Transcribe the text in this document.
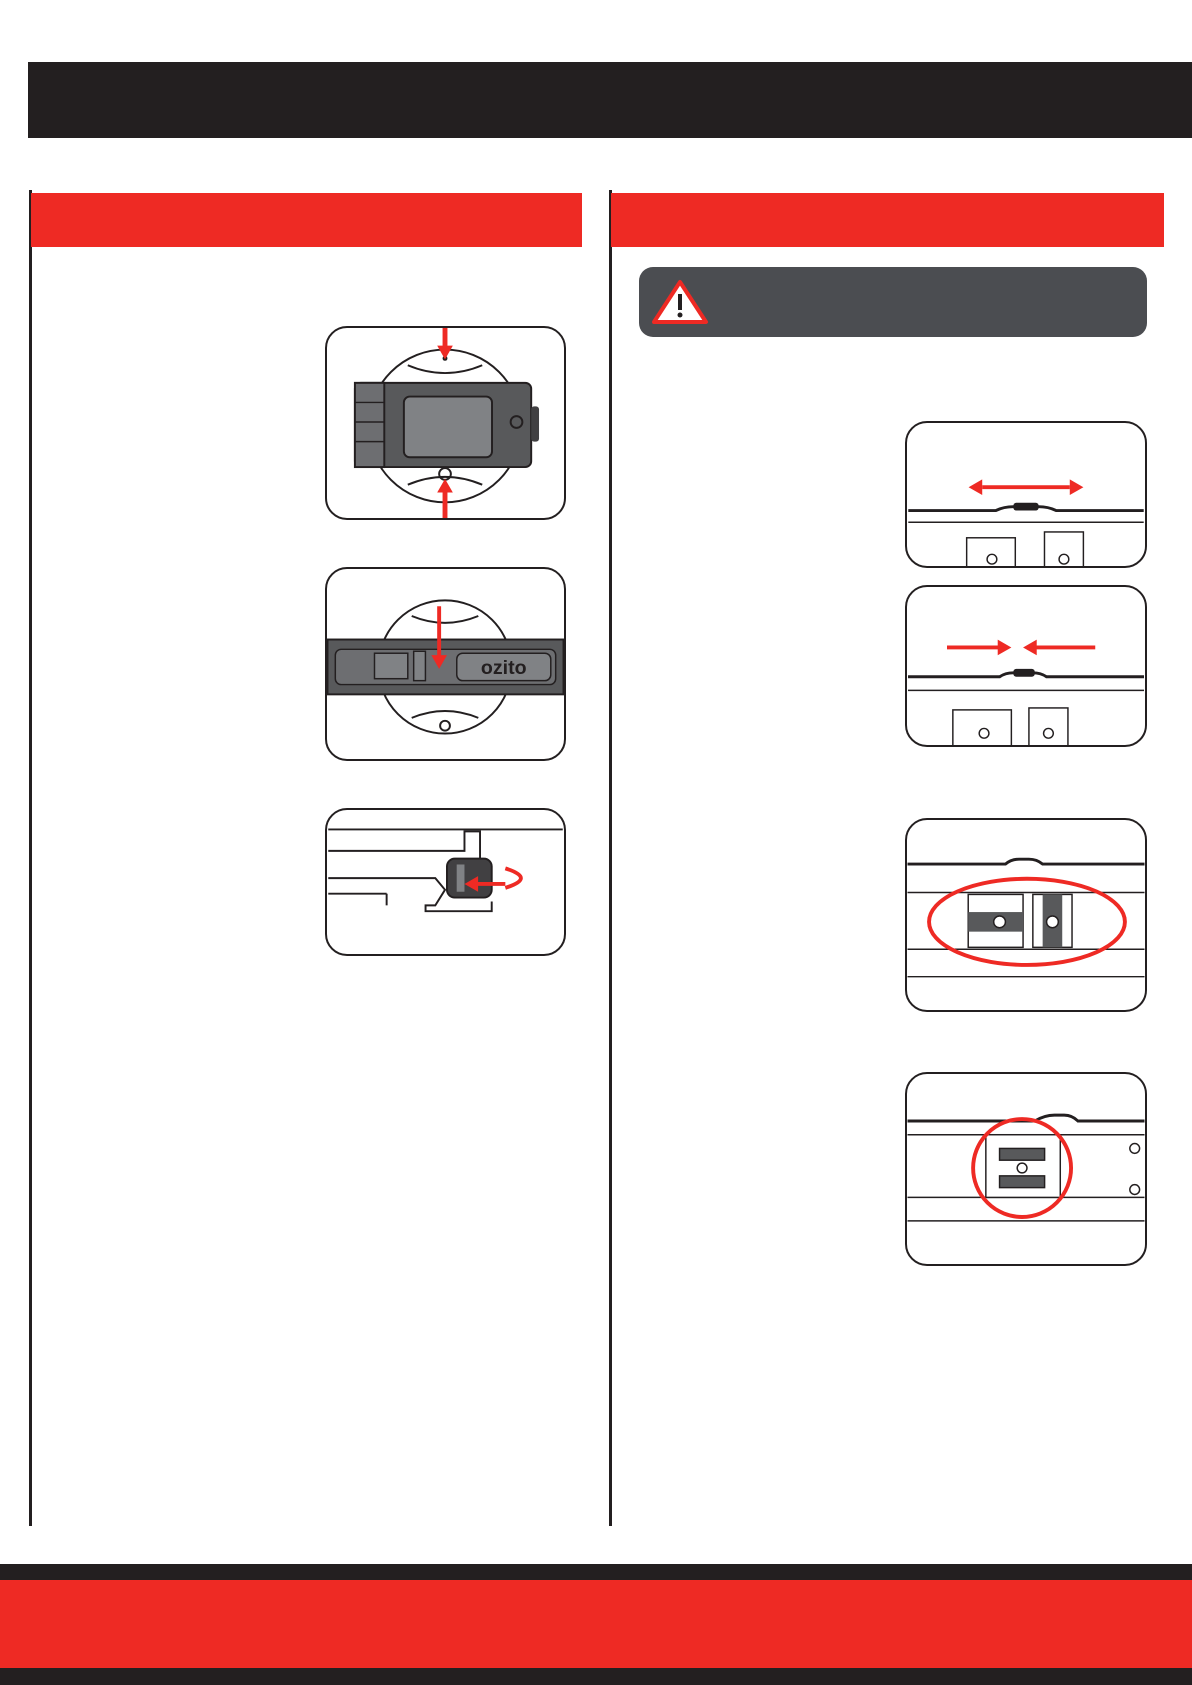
ozito
